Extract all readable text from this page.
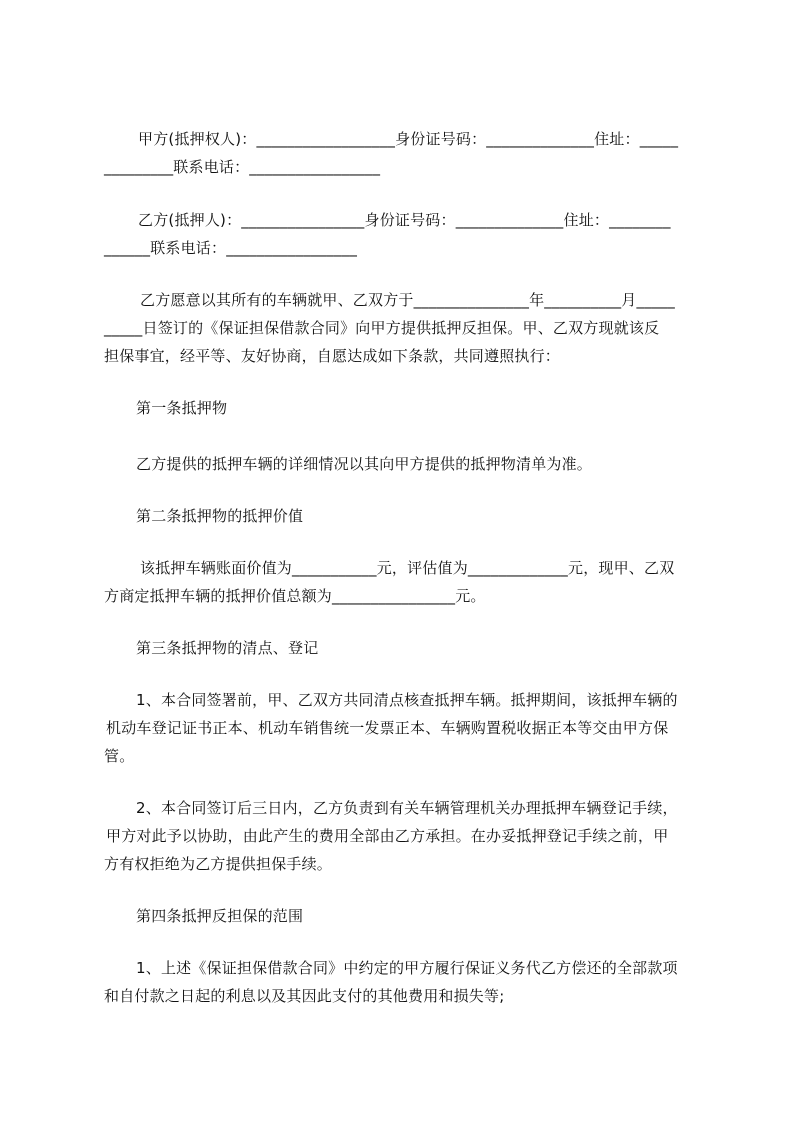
甲方(抵押权人)：__________________身份证号码：______________住址：_____
_________联系电话：_________________
乙方(抵押人)：________________身份证号码：______________住址：________
______联系电话：_________________
乙方愿意以其所有的车辆就甲、乙双方于_______________年__________月_____
_____日签订的《保证担保借款合同》向甲方提供抵押反担保。甲、乙双方现就该反
担保事宜，经平等、友好协商，自愿达成如下条款，共同遵照执行：
第一条抵押物
乙方提供的抵押车辆的详细情况以其向甲方提供的抵押物清单为准。
第二条抵押物的抵押价值
该抵押车辆账面价值为___________元，评估值为_____________元，现甲、乙双
方商定抵押车辆的抵押价值总额为________________元。
第三条抵押物的清点、登记
1、本合同签署前，甲、乙双方共同清点核查抵押车辆。抵押期间，该抵押车辆的
机动车登记证书正本、机动车销售统一发票正本、车辆购置税收据正本等交由甲方保
管。
2、本合同签订后三日内，乙方负责到有关车辆管理机关办理抵押车辆登记手续，
甲方对此予以协助，由此产生的费用全部由乙方承担。在办妥抵押登记手续之前，甲
方有权拒绝为乙方提供担保手续。
第四条抵押反担保的范围
1、上述《保证担保借款合同》中约定的甲方履行保证义务代乙方偿还的全部款项
和自付款之日起的利息以及其因此支付的其他费用和损失等;
